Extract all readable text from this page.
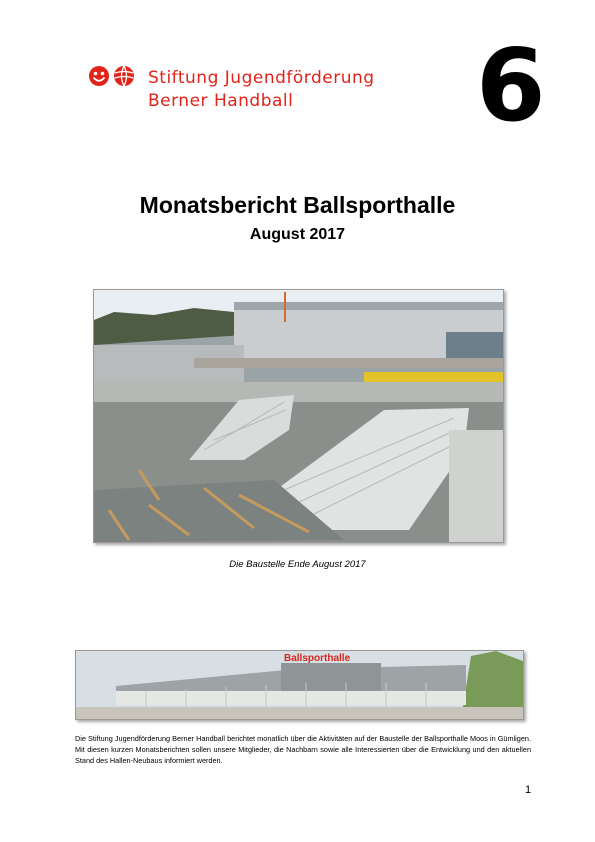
Stiftung Jugendförderung
Berner Handball 6
Monatsbericht Ballsporthalle
August 2017
Die Baustelle Ende August 2017
Ballsporthalle
Die Stiftung Jugendförderung Berner Handball berichtet monatlich über die Aktivitäten auf der Baustelle der Ballsporthalle Moos in Gümligen. Mit diesen kurzen Monatsberichten sollen unsere Mitglieder, die Nachbarn sowie alle Interessierten über die Entwicklung und den aktuellen Stand des Hallen-Neubaus informiert werden.
1
